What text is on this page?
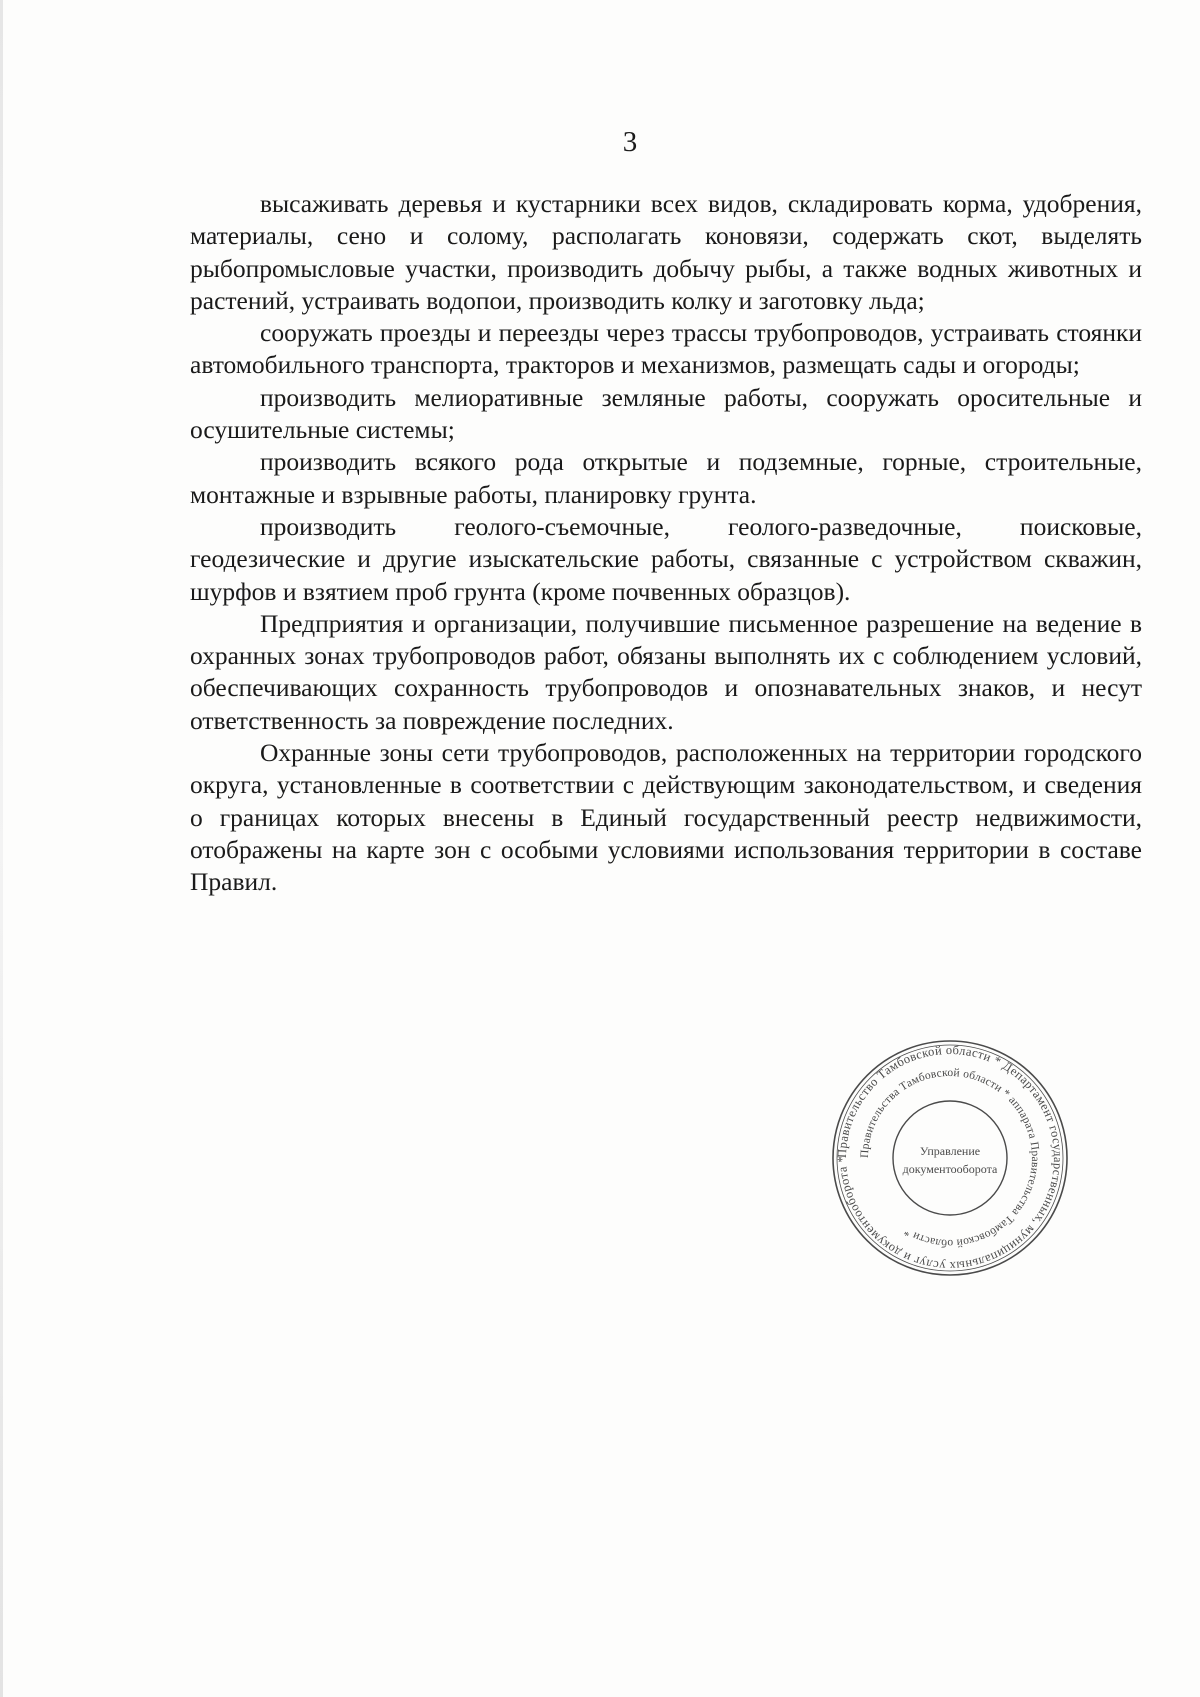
3

высаживать деревья и кустарники всех видов, складировать корма, удобрения, материалы, сено и солому, располагать коновязи, содержать скот, выделять рыбопромысловые участки, производить добычу рыбы, а также водных животных и растений, устраивать водопои, производить колку и заготовку льда;

сооружать проезды и переезды через трассы трубопроводов, устраивать стоянки автомобильного транспорта, тракторов и механизмов, размещать сады и огороды;

производить мелиоративные земляные работы, сооружать оросительные и осушительные системы;

производить всякого рода открытые и подземные, горные, строительные, монтажные и взрывные работы, планировку грунта.

производить геолого-съемочные, геолого-разведочные, поисковые, геодезические и другие изыскательские работы, связанные с устройством скважин, шурфов и взятием проб грунта (кроме почвенных образцов).

Предприятия и организации, получившие письменное разрешение на ведение в охранных зонах трубопроводов работ, обязаны выполнять их с соблюдением условий, обеспечивающих сохранность трубопроводов и опознавательных знаков, и несут ответственность за повреждение последних.

Охранные зоны сети трубопроводов, расположенных на территории городского округа, установленные в соответствии с действующим законодательством, и сведения о границах которых внесены в Единый государственный реестр недвижимости, отображены на карте зон с особыми условиями использования территории в составе Правил.

Правительство Тамбовской области * Департамент государственных, муниципальных услуг и документооборота *
Правительства Тамбовской области * аппарата Правительства Тамбовской области *
Управление
документооборота
